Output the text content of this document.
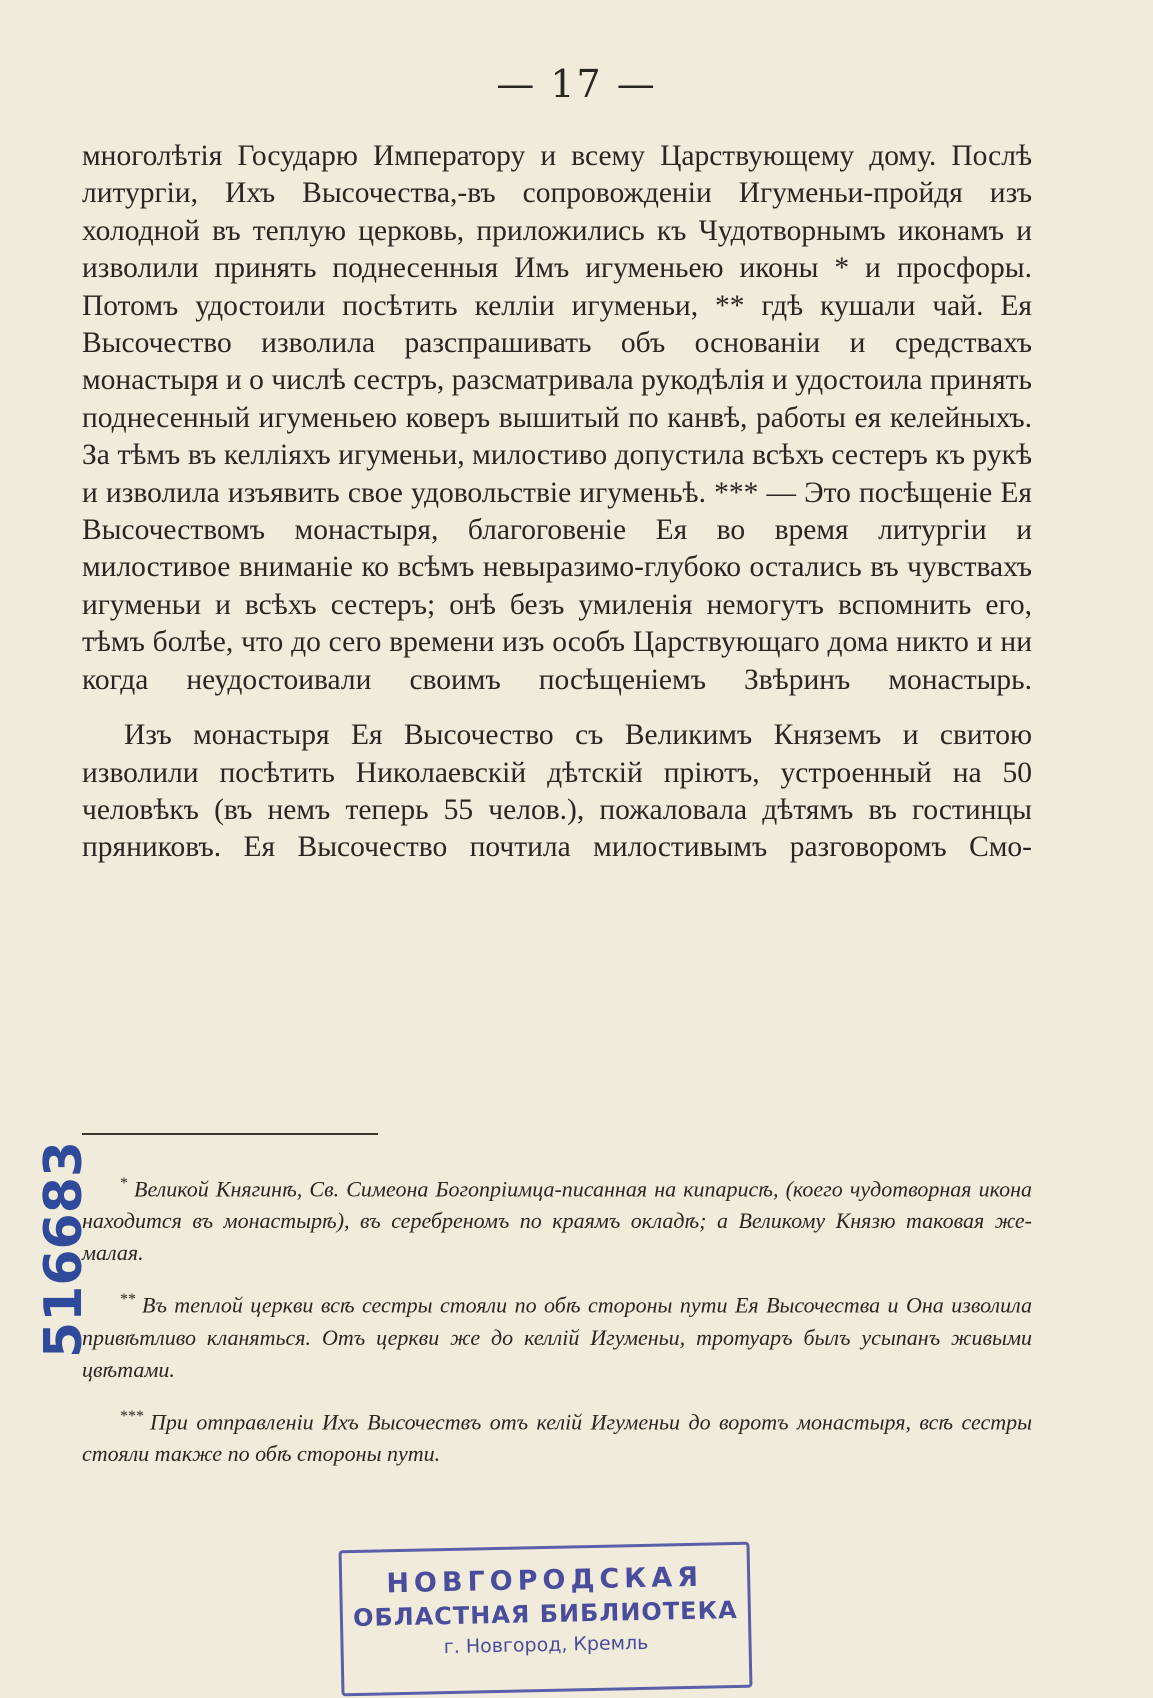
— 17 —

многолѣтія Государю Императору и всему Царствующему дому. Послѣ литургіи, Ихъ Высочества,-въ сопровожденіи Игуменьи-пройдя изъ холодной въ теплую церковь, приложились къ Чудотворнымъ иконамъ и изволили принять поднесенныя Имъ игуменьею иконы * и просфоры. Потомъ удостоили посѣтить келліи игуменьи, ** гдѣ кушали чай. Ея Высочество изволила разспрашивать объ основаніи и средствахъ монастыря и о числѣ сестръ, разсматривала рукодѣлія и удостоила принять поднесенный игуменьею коверъ вышитый по канвѣ, работы ея келейныхъ. За тѣмъ въ келліяхъ игуменьи, милостиво допустила всѣхъ сестеръ къ рукѣ и изволила изъявить свое удовольствіе игуменьѣ. *** — Это посѣщеніе Ея Высочествомъ монастыря, благоговеніе Ея во время литургіи и милостивое вниманіе ко всѣмъ невыразимо-глубоко остались въ чувствахъ игуменьи и всѣхъ сестеръ; онѣ безъ умиленія немогутъ вспомнить его, тѣмъ болѣе, что до сего времени изъ особъ Царствующаго дома никто и ни когда неудостоивали своимъ посѣщеніемъ Звѣринъ монастырь.

Изъ монастыря Ея Высочество съ Великимъ Княземъ и свитою изволили посѣтить Николаевскій дѣтскій пріютъ, устроенный на 50 человѣкъ (въ немъ теперь 55 челов.), пожаловала дѣтямъ въ гостинцы пряниковъ. Ея Высочество почтила милостивымъ разговоромъ Смо-

* Великой Княгинѣ, Св. Симеона Богопріимца-писанная на кипарисѣ, (коего чудотворная икона находится въ монастырѣ), въ серебреномъ по краямъ окладѣ; а Великому Князю таковая же-малая.

** Въ теплой церкви всѣ сестры стояли по обѣ стороны пути Ея Высочества и Она изволила привѣтливо кланяться. Отъ церкви же до келлій Игуменьи, тротуаръ былъ усыпанъ живыми цвѣтами.

*** При отправленіи Ихъ Высочествъ отъ келій Игуменьи до воротъ монастыря, всѣ сестры стояли также по обѣ стороны пути.

516683
НОВГОРОДСКАЯ
ОБЛАСТНАЯ БИБЛИОТЕКА
г. Новгород, Кремль
